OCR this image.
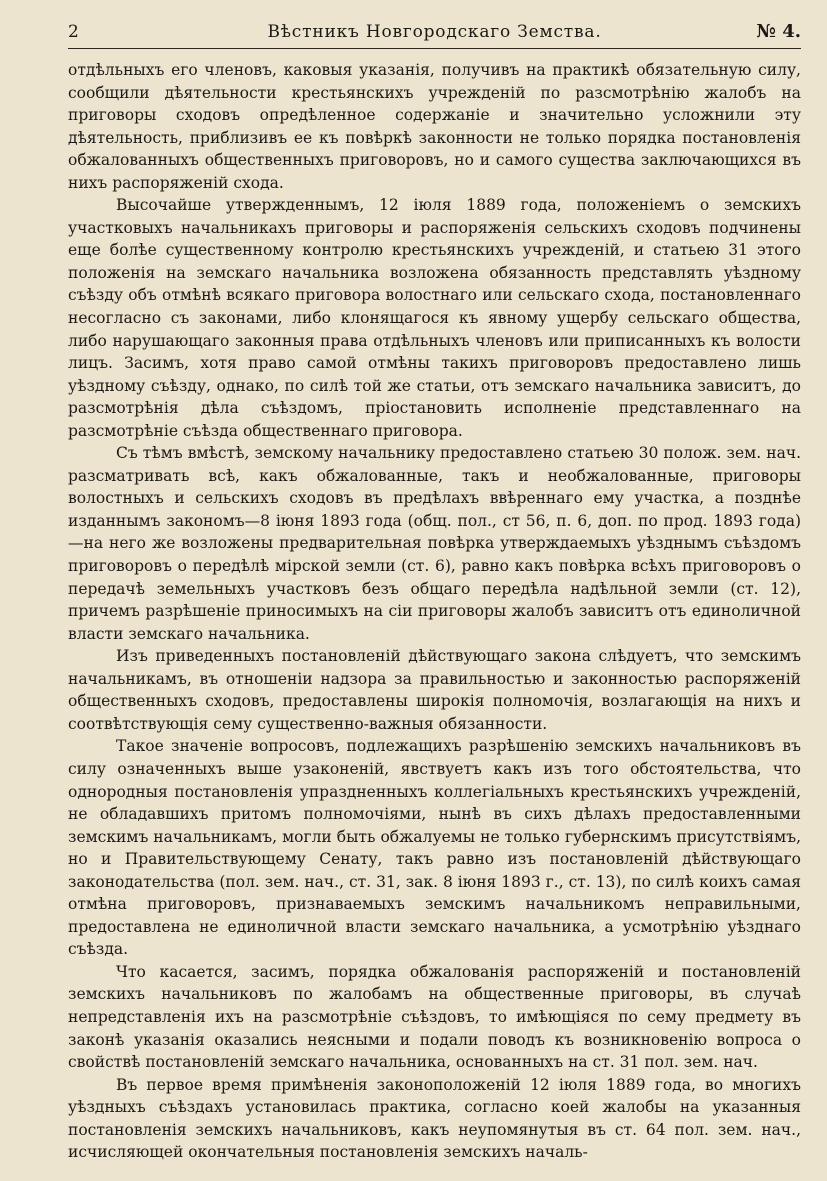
2	Вѣстникъ Новгородскаго Земства.	№ 4.

отдѣльныхъ его членовъ, каковыя указанія, получивъ на практикѣ обязательную силу, сообщили дѣятельности крестьянскихъ учрежденій по разсмотрѣнію жалобъ на приговоры сходовъ опредѣленное содержаніе и значительно усложнили эту дѣятельность, приблизивъ ее къ повѣркѣ законности не только порядка постановленія обжалованныхъ общественныхъ приговоровъ, но и самого существа заключающихся въ нихъ распоряженій схода.

Высочайше утвержденнымъ, 12 іюля 1889 года, положеніемъ о земскихъ участковыхъ начальникахъ приговоры и распоряженія сельскихъ сходовъ подчинены еще болѣе существенному контролю крестьянскихъ учрежденій, и статьею 31 этого положенія на земскаго начальника возложена обязанность представлять уѣздному съѣзду объ отмѣнѣ всякаго приговора волостнаго или сельскаго схода, постановленнаго несогласно съ законами, либо клонящагося къ явному ущербу сельскаго общества, либо нарушающаго законныя права отдѣльныхъ членовъ или приписанныхъ къ волости лицъ. Засимъ, хотя право самой отмѣны такихъ приговоровъ предоставлено лишь уѣздному съѣзду, однако, по силѣ той же статьи, отъ земскаго начальника зависитъ, до разсмотрѣнія дѣла съѣздомъ, пріостановить исполненіе представленнаго на разсмотрѣніе съѣзда общественнаго приговора.

Съ тѣмъ вмѣстѣ, земскому начальнику предоставлено статьею 30 полож. зем. нач. разсматривать всѣ, какъ обжалованные, такъ и необжалованные, приговоры волостныхъ и сельскихъ сходовъ въ предѣлахъ ввѣреннаго ему участка, а позднѣе изданнымъ закономъ—8 іюня 1893 года (общ. пол., ст 56, п. 6, доп. по прод. 1893 года)—на него же возложены предварительная повѣрка утверждаемыхъ уѣзднымъ съѣздомъ приговоровъ о передѣлѣ мірской земли (ст. 6), равно какъ повѣрка всѣхъ приговоровъ о передачѣ земельныхъ участковъ безъ общаго передѣла надѣльной земли (ст. 12), причемъ разрѣшеніе приносимыхъ на сіи приговоры жалобъ зависитъ отъ единоличной власти земскаго начальника.

Изъ приведенныхъ постановленій дѣйствующаго закона слѣдуетъ, что земскимъ начальникамъ, въ отношеніи надзора за правильностью и законностью распоряженій общественныхъ сходовъ, предоставлены широкія полномочія, возлагающія на нихъ и соотвѣтствующія сему существенно-важныя обязанности.

Такое значеніе вопросовъ, подлежащихъ разрѣшенію земскихъ начальниковъ въ силу означенныхъ выше узаконеній, явствуетъ какъ изъ того обстоятельства, что однородныя постановленія упраздненныхъ коллегіальныхъ крестьянскихъ учрежденій, не обладавшихъ притомъ полномочіями, нынѣ въ сихъ дѣлахъ предоставленными земскимъ начальникамъ, могли быть обжалуемы не только губернскимъ присутствіямъ, но и Правительствующему Сенату, такъ равно изъ постановленій дѣйствующаго законодательства (пол. зем. нач., ст. 31, зак. 8 іюня 1893 г., ст. 13), по силѣ коихъ самая отмѣна приговоровъ, признаваемыхъ земскимъ начальникомъ неправильными, предоставлена не единоличной власти земскаго начальника, а усмотрѣнію уѣзднаго съѣзда.

Что касается, засимъ, порядка обжалованія распоряженій и постановленій земскихъ начальниковъ по жалобамъ на общественные приговоры, въ случаѣ непредставленія ихъ на разсмотрѣніе съѣздовъ, то имѣющіяся по сему предмету въ законѣ указанія оказались неясными и подали поводъ къ возникновенію вопроса о свойствѣ постановленій земскаго начальника, основанныхъ на ст. 31 пол. зем. нач.

Въ первое время примѣненія законоположеній 12 іюля 1889 года, во многихъ уѣздныхъ съѣздахъ установилась практика, согласно коей жалобы на указанныя постановленія земскихъ начальниковъ, какъ неупомянутыя въ ст. 64 пол. зем. нач., исчисляющей окончательныя постановленія земскихъ началь-
